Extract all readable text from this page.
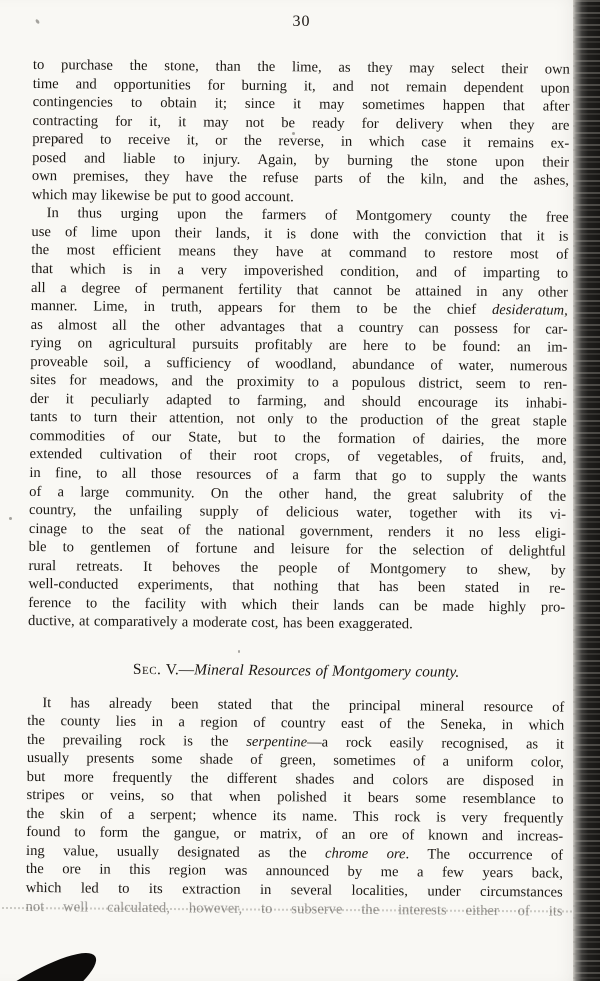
30
to purchase the stone, than the lime, as they may select their own
time and opportunities for burning it, and not remain dependent upon
contingencies to obtain it; since it may sometimes happen that after
contracting for it, it may not be ready for delivery when they are
prepared to receive it, or the reverse, in which case it remains ex-
posed and liable to injury. Again, by burning the stone upon their
own premises, they have the refuse parts of the kiln, and the ashes,
which may likewise be put to good account.
In thus urging upon the farmers of Montgomery county the free
use of lime upon their lands, it is done with the conviction that it is
the most efficient means they have at command to restore most of
that which is in a very impoverished condition, and of imparting to
all a degree of permanent fertility that cannot be attained in any other
manner. Lime, in truth, appears for them to be the chief desideratum,
as almost all the other advantages that a country can possess for car-
rying on agricultural pursuits profitably are here to be found: an im-
proveable soil, a sufficiency of woodland, abundance of water, numerous
sites for meadows, and the proximity to a populous district, seem to ren-
der it peculiarly adapted to farming, and should encourage its inhabi-
tants to turn their attention, not only to the production of the great staple
commodities of our State, but to the formation of dairies, the more
extended cultivation of their root crops, of vegetables, of fruits, and,
in fine, to all those resources of a farm that go to supply the wants
of a large community. On the other hand, the great salubrity of the
country, the unfailing supply of delicious water, together with its vi-
cinage to the seat of the national government, renders it no less eligi-
ble to gentlemen of fortune and leisure for the selection of delightful
rural retreats. It behoves the people of Montgomery to shew, by
well-conducted experiments, that nothing that has been stated in re-
ference to the facility with which their lands can be made highly pro-
ductive, at comparatively a moderate cost, has been exaggerated.
Sec. V.—Mineral Resources of Montgomery county.
It has already been stated that the principal mineral resource of
the county lies in a region of country east of the Seneka, in which
the prevailing rock is the serpentine—a rock easily recognised, as it
usually presents some shade of green, sometimes of a uniform color,
but more frequently the different shades and colors are disposed in
stripes or veins, so that when polished it bears some resemblance to
the skin of a serpent; whence its name. This rock is very frequently
found to form the gangue, or matrix, of an ore of known and increas-
ing value, usually designated as the chrome ore. The occurrence of
the ore in this region was announced by me a few years back,
which led to its extraction in several localities, under circumstances
not well calculated, however, to subserve the interests either of its
